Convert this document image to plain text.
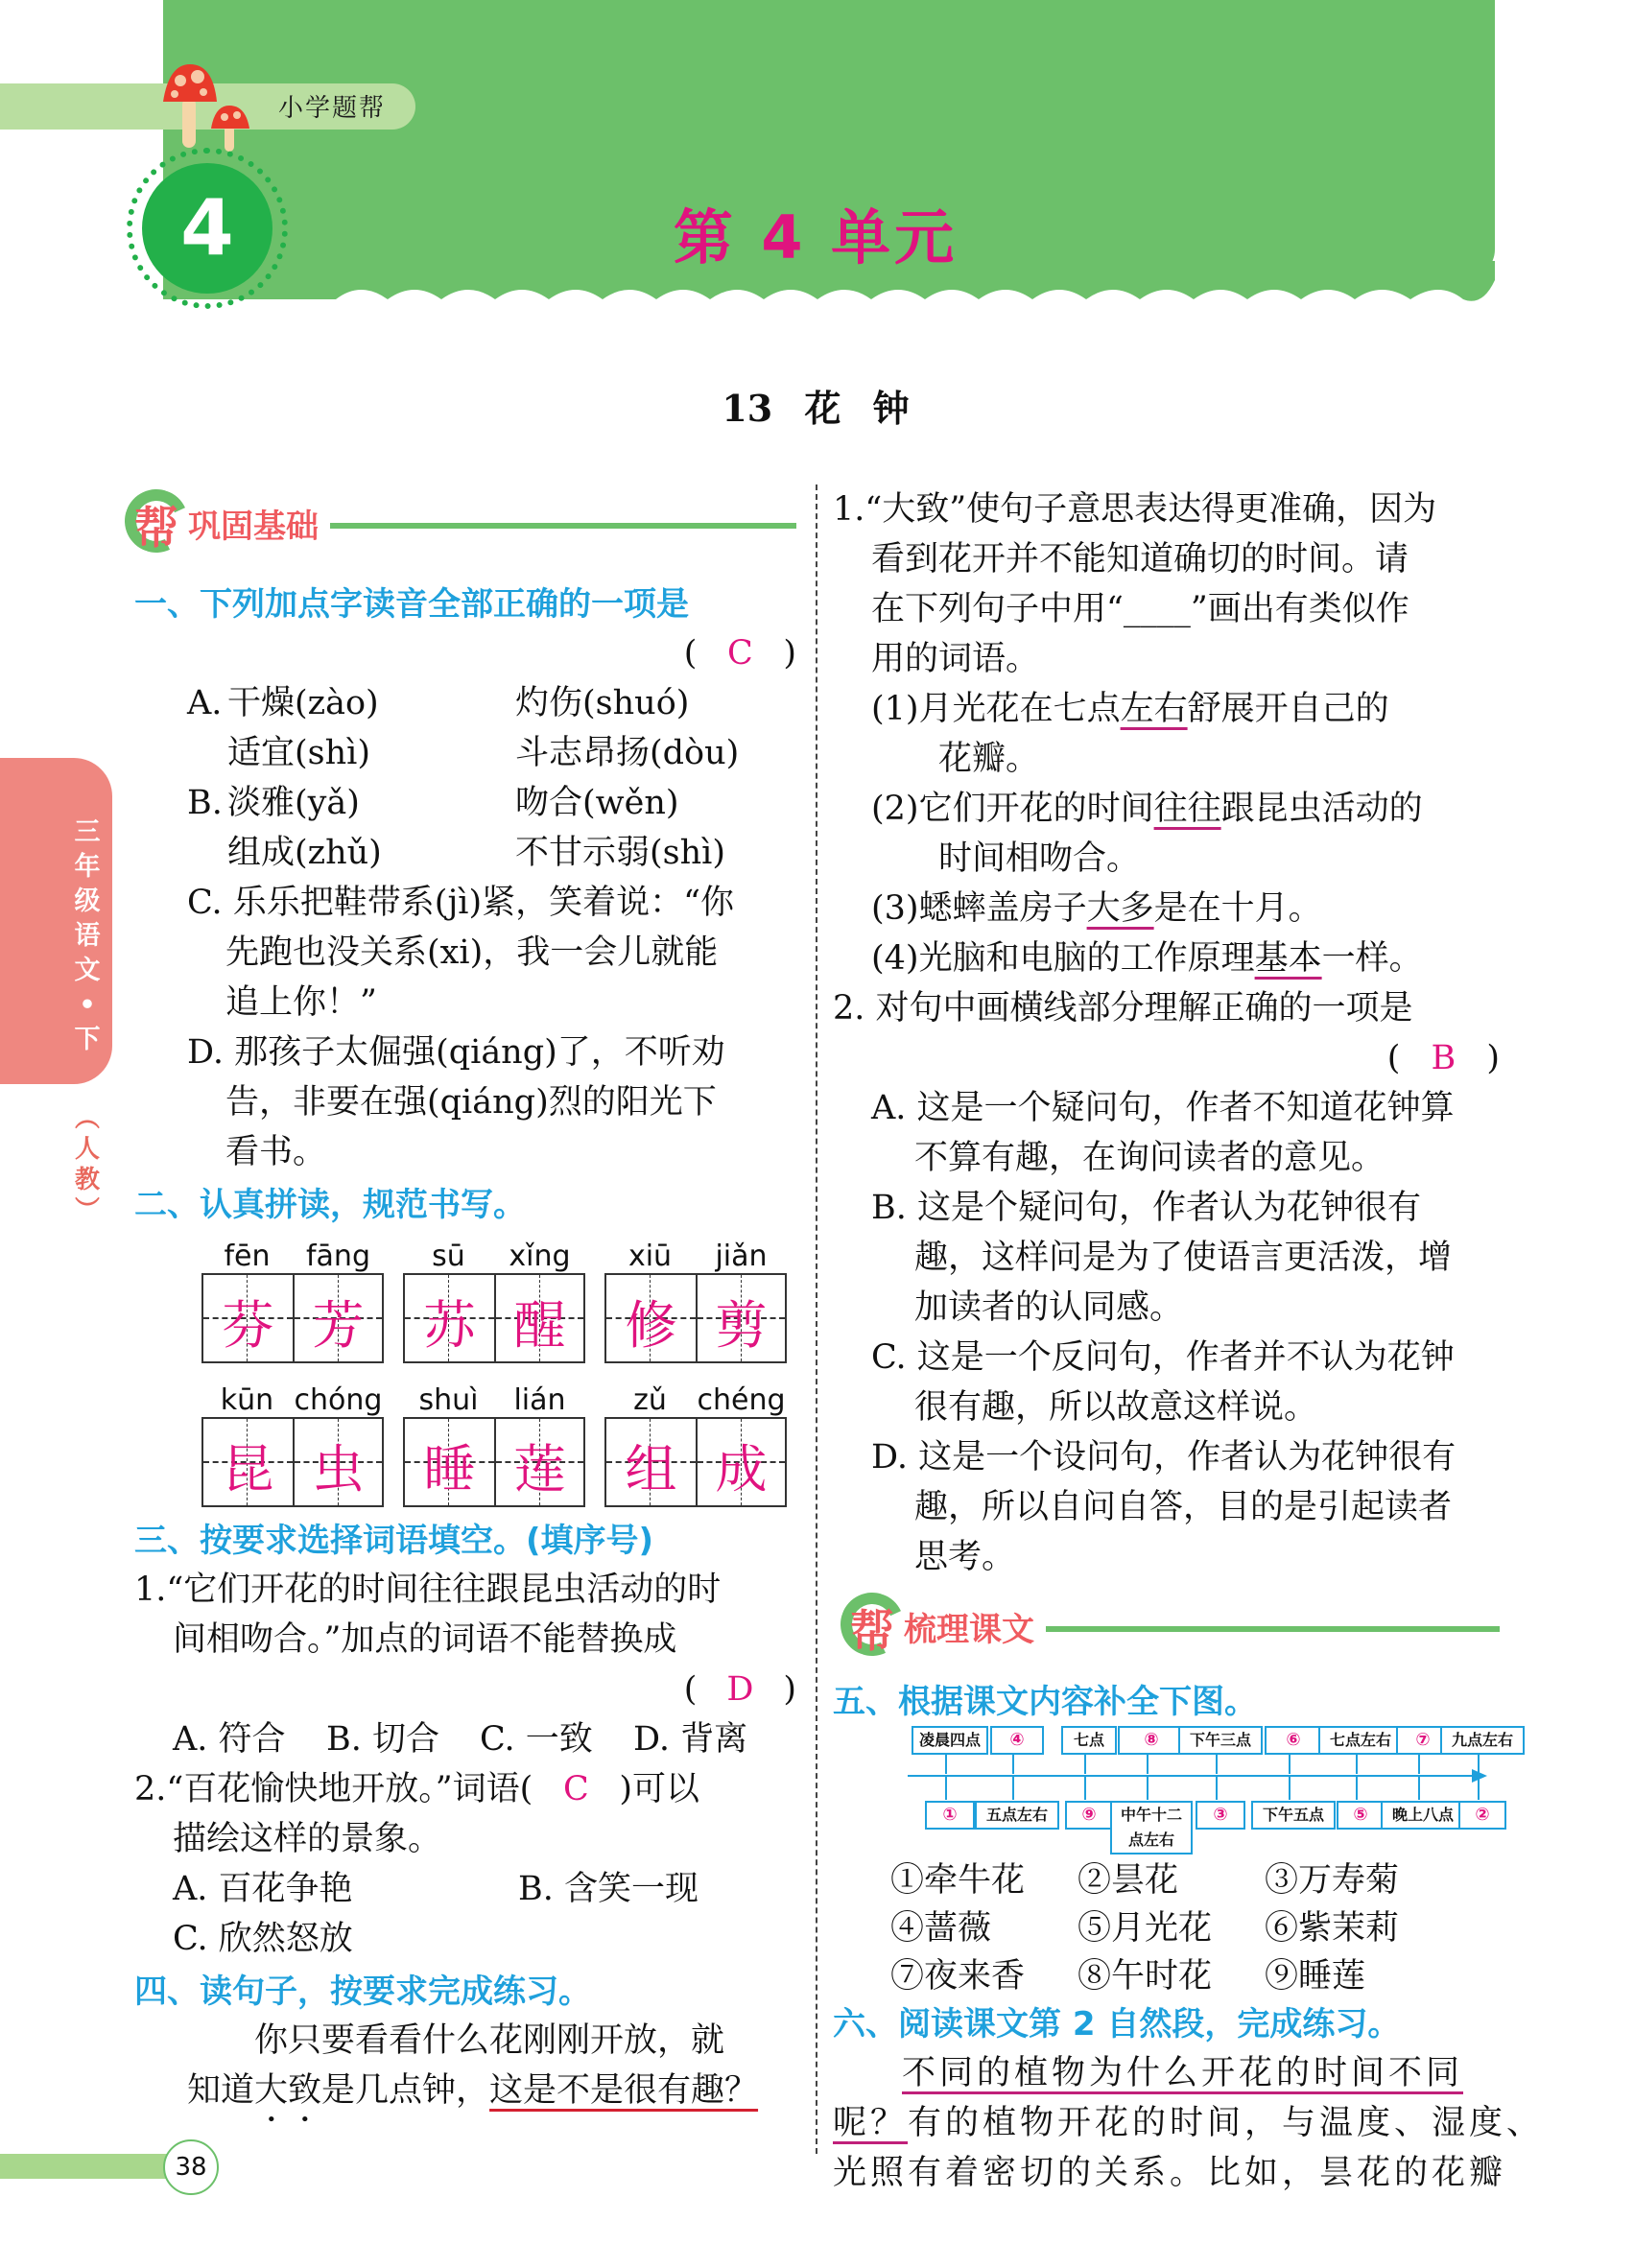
小学题帮
4	第 4 单元
13 花 钟
三
年
级
语
文
•
下
︵
人
教
︶
帮 巩固基础
一、下列加点字读音全部正确的一项是
( C )
A. 干燥(zào)	灼伤(shuó)
适宜(shì)	斗志昂扬(dòu)
B. 淡雅(yǎ)	吻合(wěn)
组成(zhǔ)	不甘示弱(shì)
C. 乐乐把鞋带系(jì)紧，笑着说：“你
先跑也没关系(xi)，我一会儿就能
追上你！”
D. 那孩子太倔强(qiáng)了，不听劝
告，非要在强(qiáng)烈的阳光下
看书。
二、认真拼读，规范书写。
fēn	fāng
芬 芳
sū	xǐng
苏 醒
xiū	jiǎn
修 剪
kūn chóng
昆 虫
shuì	lián
睡 莲
zǔ	chéng
组 成
三、按要求选择词语填空。(填序号)
1.“它们开花的时间往往跟昆虫活动的时
间相吻合。”加点的词语不能替换成
( D )
A. 符合 B. 切合 C. 一致 D. 背离
2.“百花愉快地开放。”词语( C )可以
描绘这样的景象。
A. 百花争艳	B. 含笑一现
C. 欣然怒放
四、读句子，按要求完成练习。
你只要看看什么花刚刚开放，就
知道大致是几点钟，这是不是很有趣？
1.“大致”使句子意思表达得更准确，因为
看到花开并不能知道确切的时间。请
在下列句子中用“____”画出有类似作
用的词语。
(1)月光花在七点左右舒展开自己的
花瓣。
(2)它们开花的时间往往跟昆虫活动的
时间相吻合。
(3)蟋蟀盖房子大多是在十月。
(4)光脑和电脑的工作原理基本一样。
2. 对句中画横线部分理解正确的一项是
( B )
A. 这是一个疑问句，作者不知道花钟算
不算有趣，在询问读者的意见。
B. 这是个疑问句，作者认为花钟很有
趣，这样问是为了使语言更活泼，增
加读者的认同感。
C. 这是一个反问句，作者并不认为花钟
很有趣，所以故意这样说。
D. 这是一个设问句，作者认为花钟很有
趣，所以自问自答，目的是引起读者
思考。
帮 梳理课文
五、根据课文内容补全下图。
凌晨四点
①
④
五点左右
七点
⑨
⑧
中午十二点左右
下午三点
③
⑥
下午五点
七点左右
⑤
⑦
晚上八点
九点左右
②
①牵牛花 ②昙花	③万寿菊
④蔷薇	⑤月光花 ⑥紫茉莉
⑦夜来香 ⑧午时花 ⑨睡莲
六、阅读课文第 2 自然段，完成练习。
不同的植物为什么开花的时间不同
呢？有的植物开花的时间，与温度、湿度、
光照有着密切的关系。比如，昙花的花瓣
38
